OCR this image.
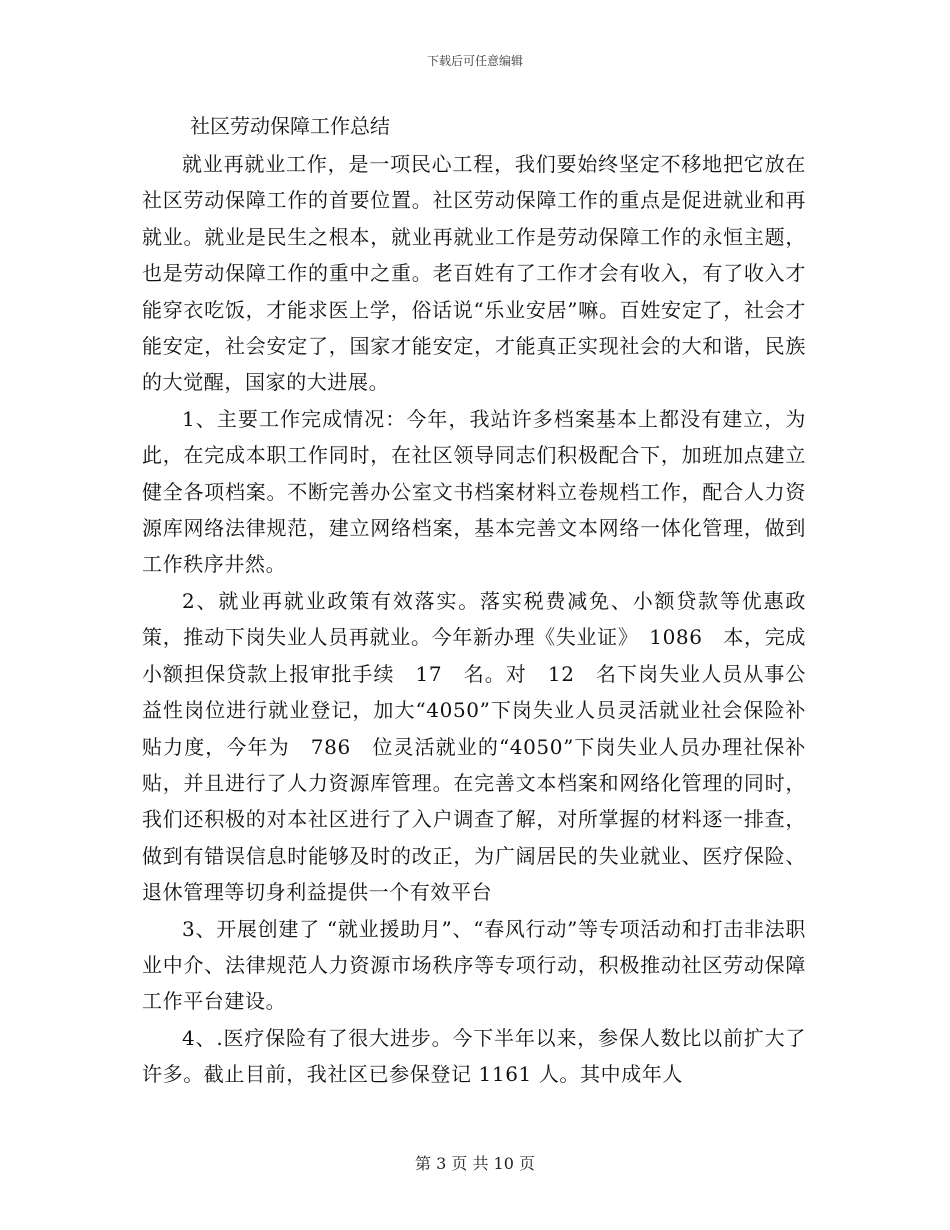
下载后可任意编辑
社区劳动保障工作总结

就业再就业工作，是一项民心工程，我们要始终坚定不移地把它放在社区劳动保障工作的首要位置。社区劳动保障工作的重点是促进就业和再就业。就业是民生之根本，就业再就业工作是劳动保障工作的永恒主题，也是劳动保障工作的重中之重。老百姓有了工作才会有收入，有了收入才能穿衣吃饭，才能求医上学，俗话说“乐业安居”嘛。百姓安定了，社会才能安定，社会安定了，国家才能安定，才能真正实现社会的大和谐，民族的大觉醒，国家的大进展。

1、主要工作完成情况：今年，我站许多档案基本上都没有建立，为此，在完成本职工作同时，在社区领导同志们积极配合下，加班加点建立健全各项档案。不断完善办公室文书档案材料立卷规档工作，配合人力资源库网络法律规范，建立网络档案，基本完善文本网络一体化管理，做到工作秩序井然。

2、就业再就业政策有效落实。落实税费减免、小额贷款等优惠政策，推动下岗失业人员再就业。今年新办理《失业证》　1086　本，完成小额担保贷款上报审批手续　17　名。对　12　名下岗失业人员从事公益性岗位进行就业登记，加大“4050”下岗失业人员灵活就业社会保险补贴力度，今年为　786　位灵活就业的“4050”下岗失业人员办理社保补贴，并且进行了人力资源库管理。在完善文本档案和网络化管理的同时，我们还积极的对本社区进行了入户调查了解，对所掌握的材料逐一排查，做到有错误信息时能够及时的改正，为广阔居民的失业就业、医疗保险、退休管理等切身利益提供一个有效平台

3、开展创建了 “就业援助月”、“春风行动”等专项活动和打击非法职业中介、法律规范人力资源市场秩序等专项行动，积极推动社区劳动保障工作平台建设。

4、.医疗保险有了很大进步。今下半年以来，参保人数比以前扩大了许多。截止目前，我社区已参保登记 1161 人。其中成年人

第 3 页 共 10 页
